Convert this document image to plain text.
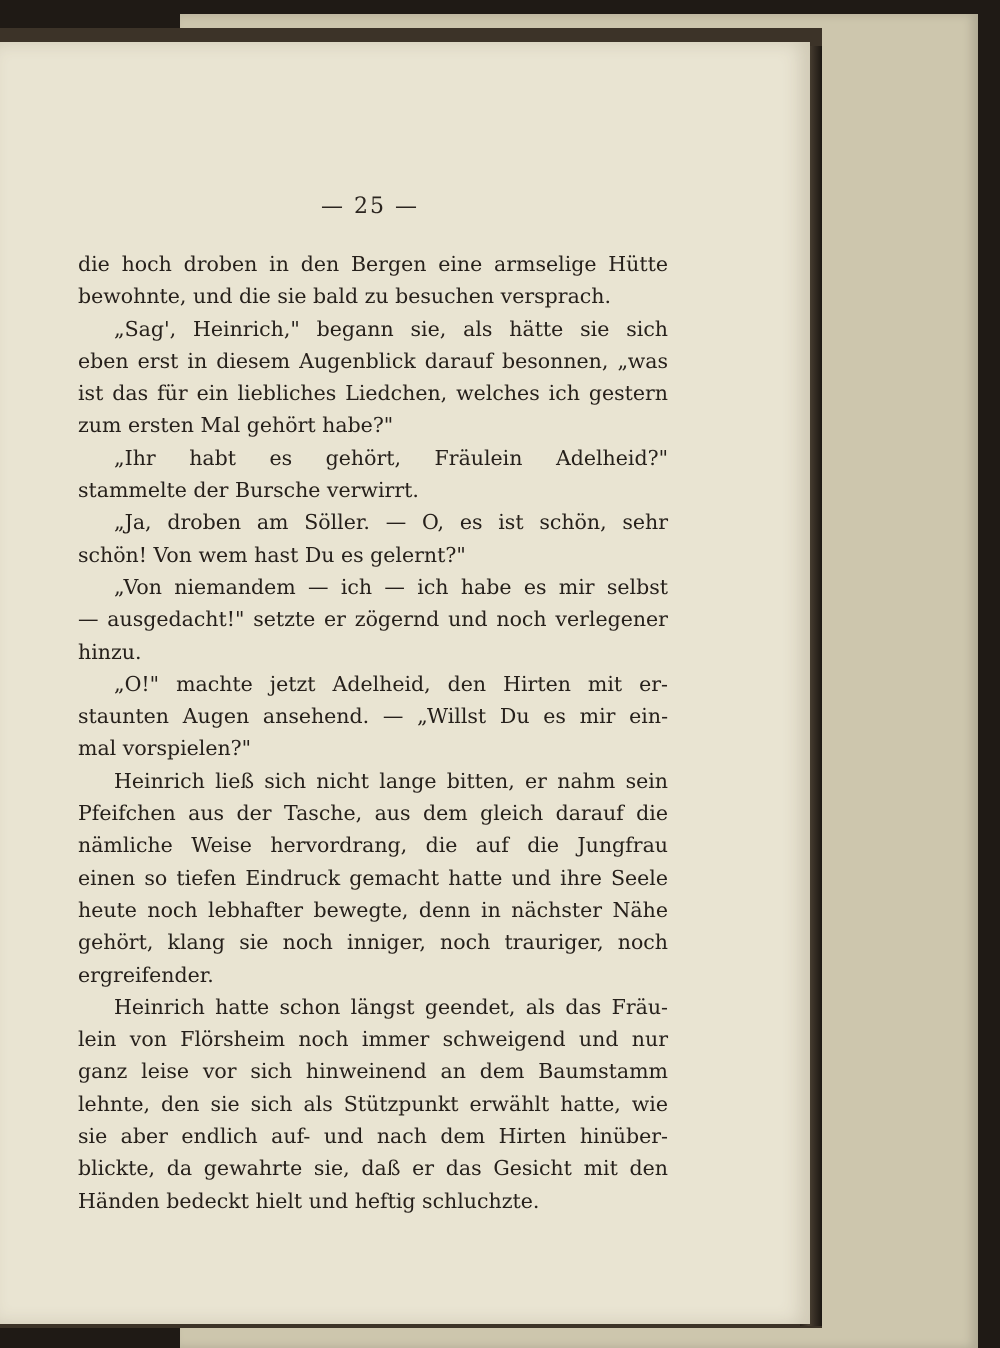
— 25 —
die hoch droben in den Bergen eine armselige Hütte
bewohnte, und die sie bald zu besuchen versprach.
„Sag', Heinrich," begann sie, als hätte sie sich
eben erst in diesem Augenblick darauf besonnen, „was
ist das für ein liebliches Liedchen, welches ich gestern
zum ersten Mal gehört habe?"
„Ihr habt es gehört, Fräulein Adelheid?"
stammelte der Bursche verwirrt.
„Ja, droben am Söller. — O, es ist schön, sehr
schön! Von wem hast Du es gelernt?"
„Von niemandem — ich — ich habe es mir selbst
— ausgedacht!" setzte er zögernd und noch verlegener
hinzu.
„O!" machte jetzt Adelheid, den Hirten mit er-
staunten Augen ansehend. — „Willst Du es mir ein-
mal vorspielen?"
Heinrich ließ sich nicht lange bitten, er nahm sein
Pfeifchen aus der Tasche, aus dem gleich darauf die
nämliche Weise hervordrang, die auf die Jungfrau
einen so tiefen Eindruck gemacht hatte und ihre Seele
heute noch lebhafter bewegte, denn in nächster Nähe
gehört, klang sie noch inniger, noch trauriger, noch
ergreifender.
Heinrich hatte schon längst geendet, als das Fräu-
lein von Flörsheim noch immer schweigend und nur
ganz leise vor sich hinweinend an dem Baumstamm
lehnte, den sie sich als Stützpunkt erwählt hatte, wie
sie aber endlich auf- und nach dem Hirten hinüber-
blickte, da gewahrte sie, daß er das Gesicht mit den
Händen bedeckt hielt und heftig schluchzte.
